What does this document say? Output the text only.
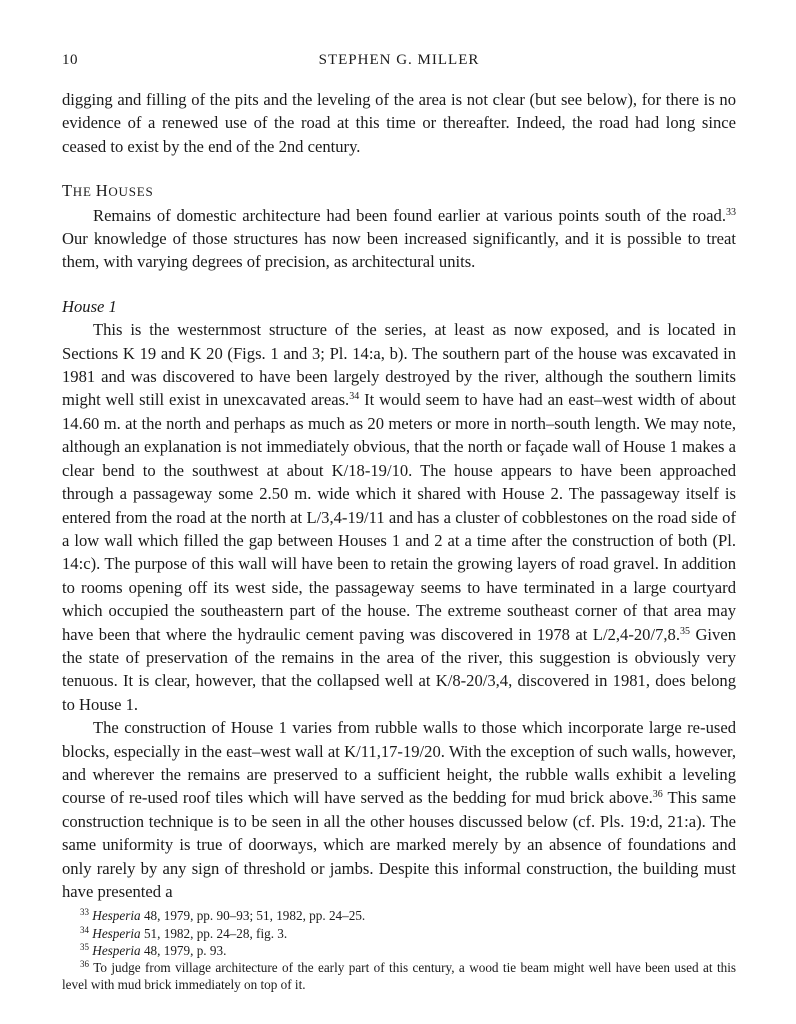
10	STEPHEN G. MILLER

digging and filling of the pits and the leveling of the area is not clear (but see below), for there is no evidence of a renewed use of the road at this time or thereafter. Indeed, the road had long since ceased to exist by the end of the 2nd century.

THE HOUSES

Remains of domestic architecture had been found earlier at various points south of the road.$^{33}$ Our knowledge of those structures has now been increased significantly, and it is possible to treat them, with varying degrees of precision, as architectural units.

House 1

This is the westernmost structure of the series, at least as now exposed, and is located in Sections K 19 and K 20 (Figs. 1 and 3; Pl. 14:a, b). The southern part of the house was excavated in 1981 and was discovered to have been largely destroyed by the river, although the southern limits might well still exist in unexcavated areas.$^{34}$ It would seem to have had an east–west width of about 14.60 m. at the north and perhaps as much as 20 meters or more in north–south length. We may note, although an explanation is not immediately obvious, that the north or façade wall of House 1 makes a clear bend to the southwest at about K/18-19/10. The house appears to have been approached through a passageway some 2.50 m. wide which it shared with House 2. The passageway itself is entered from the road at the north at L/3,4-19/11 and has a cluster of cobblestones on the road side of a low wall which filled the gap between Houses 1 and 2 at a time after the construction of both (Pl. 14:c). The purpose of this wall will have been to retain the growing layers of road gravel. In addition to rooms opening off its west side, the passageway seems to have terminated in a large courtyard which occupied the southeastern part of the house. The extreme southeast corner of that area may have been that where the hydraulic cement paving was discovered in 1978 at L/2,4-20/7,8.35 Given the state of preservation of the remains in the area of the river, this suggestion is obviously very tenuous. It is clear, however, that the collapsed well at K/8-20/3,4, discovered in 1981, does belong to House 1.

The construction of House 1 varies from rubble walls to those which incorporate large re-used blocks, especially in the east–west wall at K/11,17-19/20. With the exception of such walls, however, and wherever the remains are preserved to a sufficient height, the rubble walls exhibit a leveling course of re-used roof tiles which will have served as the bedding for mud brick above.$^{36}$ This same construction technique is to be seen in all the other houses discussed below (cf. Pls. 19:d, 21:a). The same uniformity is true of doorways, which are marked merely by an absence of foundations and only rarely by any sign of threshold or jambs. Despite this informal construction, the building must have presented a

$^{33}$ Hesperia 48, 1979, pp. 90–93; 51, 1982, pp. 24–25.

$^{34}$ Hesperia 51, 1982, pp. 24–28, fig. 3.

$^{35}$ Hesperia 48, 1979, p. 93.

$^{36}$ To judge from village architecture of the early part of this century, a wood tie beam might well have been used at this level with mud brick immediately on top of it.
